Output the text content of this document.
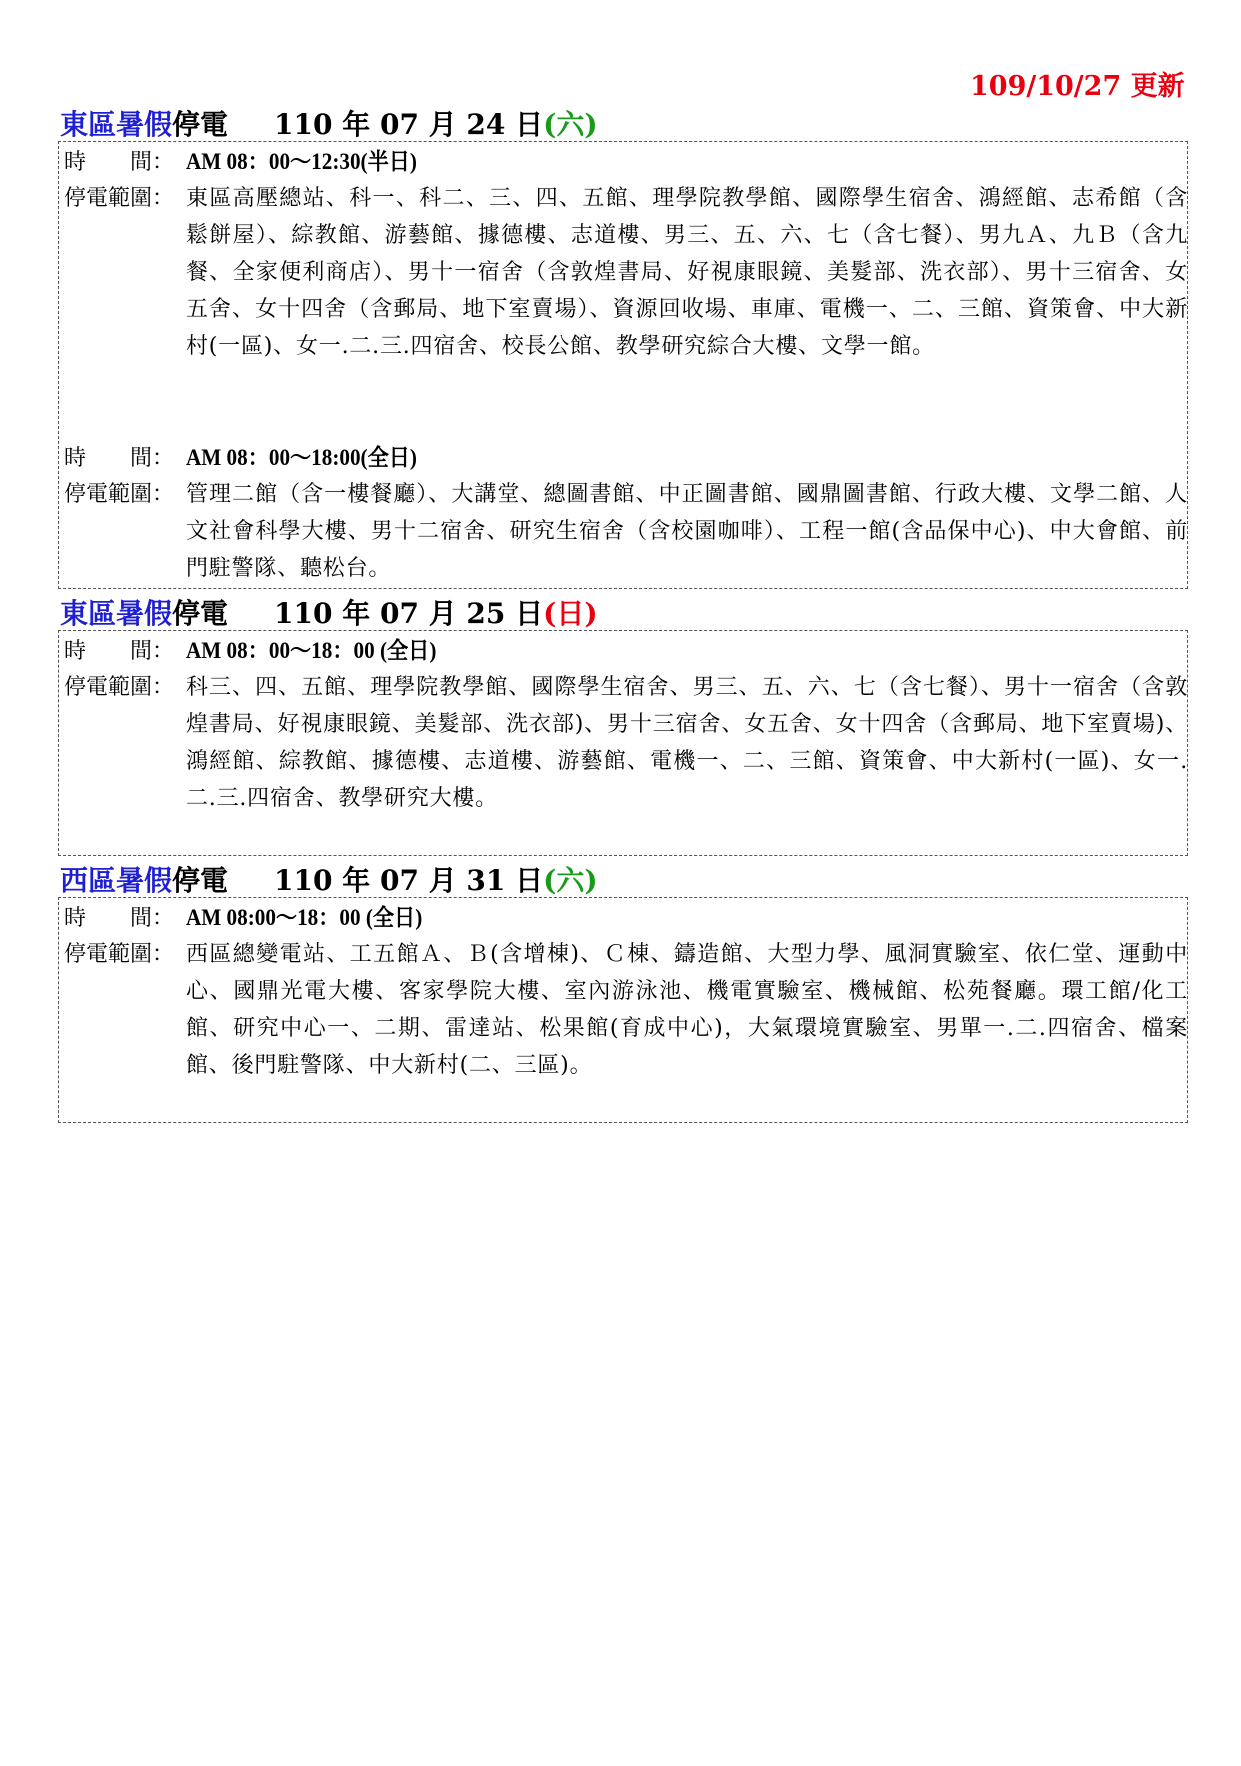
109/10/27 更新
東區暑假停電 110 年 07 月 24 日(六)
時　　間： AM 08：00～12:30(半日)
停電範圍： 東區高壓總站、科一、科二、三、四、五館、理學院教學館、國際學生宿舍、鴻經館、志希館（含鬆餅屋）、綜教館、游藝館、據德樓、志道樓、男三、五、六、七（含七餐）、男九Ａ、九Ｂ（含九餐、全家便利商店）、男十一宿舍（含敦煌書局、好視康眼鏡、美髮部、洗衣部）、男十三宿舍、女五舍、女十四舍（含郵局、地下室賣場）、資源回收場、車庫、電機一、二、三館、資策會、中大新村(一區)、女一.二.三.四宿舍、校長公館、教學研究綜合大樓、文學一館。
時　　間： AM 08：00～18:00(全日)
停電範圍： 管理二館（含一樓餐廳）、大講堂、總圖書館、中正圖書館、國鼎圖書館、行政大樓、文學二館、人文社會科學大樓、男十二宿舍、研究生宿舍（含校園咖啡）、工程一館(含品保中心)、中大會館、前門駐警隊、聽松台。
東區暑假停電 110 年 07 月 25 日(日)
時　　間： AM 08：00～18：00 (全日)
停電範圍： 科三、四、五館、理學院教學館、國際學生宿舍、男三、五、六、七（含七餐）、男十一宿舍（含敦煌書局、好視康眼鏡、美髮部、洗衣部)、男十三宿舍、女五舍、女十四舍（含郵局、地下室賣場)、鴻經館、綜教館、據德樓、志道樓、游藝館、電機一、二、三館、資策會、中大新村(一區)、女一.二.三.四宿舍、教學研究大樓。
西區暑假停電 110 年 07 月 31 日(六)
時　　間： AM 08:00～18：00 (全日)
停電範圍： 西區總變電站、工五館Ａ、Ｂ(含增棟)、Ｃ棟、鑄造館、大型力學、風洞實驗室、依仁堂、運動中心、國鼎光電大樓、客家學院大樓、室內游泳池、機電實驗室、機械館、松苑餐廳。環工館/化工館、研究中心一、二期、雷達站、松果館(育成中心)，大氣環境實驗室、男單一.二.四宿舍、檔案館、後門駐警隊、中大新村(二、三區)。
